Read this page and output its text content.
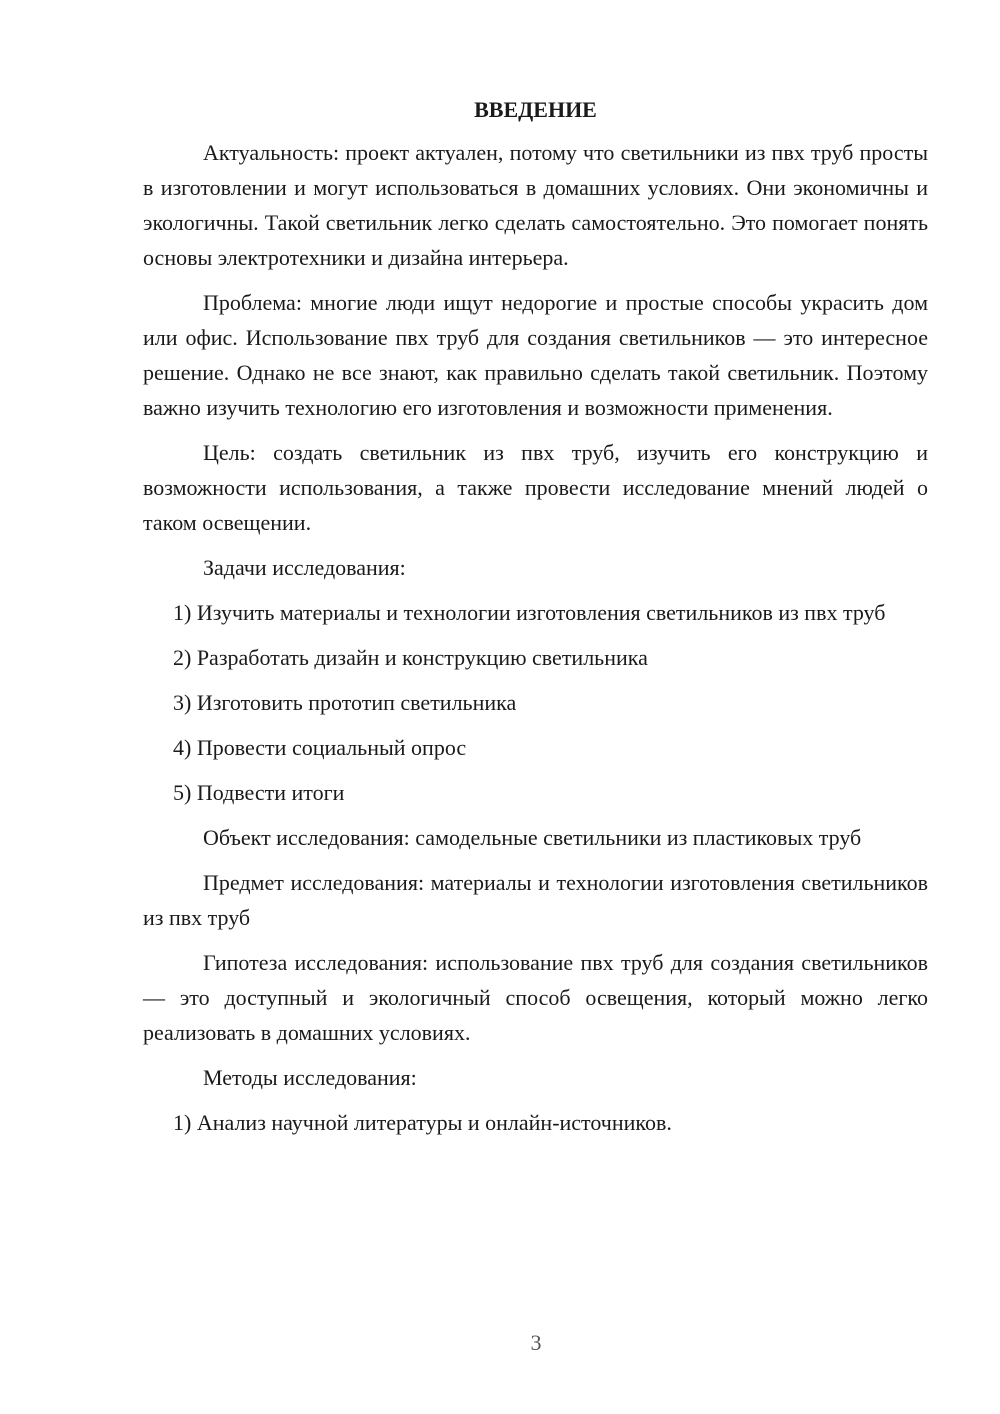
ВВЕДЕНИЕ
Актуальность: проект актуален, потому что светильники из пвх труб просты в изготовлении и могут использоваться в домашних условиях. Они экономичны и экологичны. Такой светильник легко сделать самостоятельно. Это помогает понять основы электротехники и дизайна интерьера.
Проблема: многие люди ищут недорогие и простые способы украсить дом или офис. Использование пвх труб для создания светильников — это интересное решение. Однако не все знают, как правильно сделать такой светильник. Поэтому важно изучить технологию его изготовления и возможности применения.
Цель: создать светильник из пвх труб, изучить его конструкцию и возможности использования, а также провести исследование мнений людей о таком освещении.
Задачи исследования:
1) Изучить материалы и технологии изготовления светильников из пвх труб
2) Разработать дизайн и конструкцию светильника
3) Изготовить прототип светильника
4) Провести социальный опрос
5) Подвести итоги
Объект исследования: самодельные светильники из пластиковых труб
Предмет исследования: материалы и технологии изготовления светильников из пвх труб
Гипотеза исследования: использование пвх труб для создания светильников — это доступный и экологичный способ освещения, который можно легко реализовать в домашних условиях.
Методы исследования:
1) Анализ научной литературы и онлайн-источников.
3
